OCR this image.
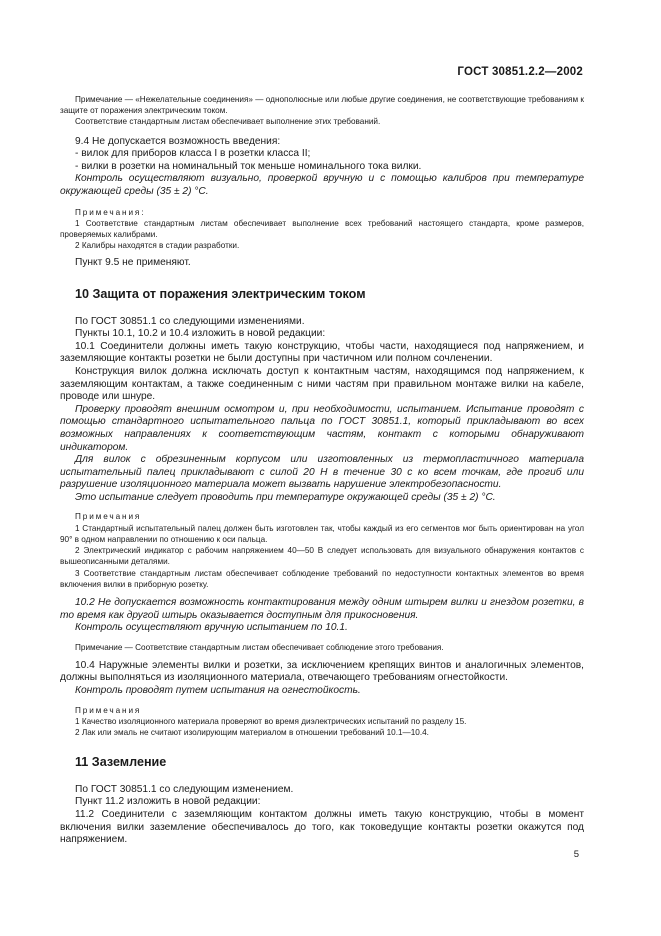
ГОСТ 30851.2.2—2002

Примечание — «Нежелательные соединения» — однополюсные или любые другие соединения, не соответствующие требованиям к защите от поражения электрическим током.

Соответствие стандартным листам обеспечивает выполнение этих требований.

9.4 Не допускается возможность введения:

- вилок для приборов класса I в розетки класса II;

- вилки в розетки на номинальный ток меньше номинального тока вилки.

Контроль осуществляют визуально, проверкой вручную и с помощью калибров при температуре окружающей среды (35 ± 2) °С.

Примечания:

1 Соответствие стандартным листам обеспечивает выполнение всех требований настоящего стандарта, кроме размеров, проверяемых калибрами.

2 Калибры находятся в стадии разработки.

Пункт 9.5 не применяют.

10 Защита от поражения электрическим током

По ГОСТ 30851.1 со следующими изменениями.

Пункты 10.1, 10.2 и 10.4 изложить в новой редакции:

10.1 Соединители должны иметь такую конструкцию, чтобы части, находящиеся под напряжением, и заземляющие контакты розетки не были доступны при частичном или полном сочленении.

Конструкция вилок должна исключать доступ к контактным частям, находящимся под напряжением, к заземляющим контактам, а также соединенным с ними частям при правильном монтаже вилки на кабеле, проводе или шнуре.

Проверку проводят внешним осмотром и, при необходимости, испытанием. Испытание проводят с помощью стандартного испытательного пальца по ГОСТ 30851.1, который прикладывают во всех возможных направлениях к соответствующим частям, контакт с которыми обнаруживают индикатором.

Для вилок с обрезиненным корпусом или изготовленных из термопластичного материала испытательный палец прикладывают с силой 20 Н в течение 30 с ко всем точкам, где прогиб или разрушение изоляционного материала может вызвать нарушение электробезопасности.

Это испытание следует проводить при температуре окружающей среды (35 ± 2) °С.

Примечания

1 Стандартный испытательный палец должен быть изготовлен так, чтобы каждый из его сегментов мог быть ориентирован на угол 90° в одном направлении по отношению к оси пальца.

2 Электрический индикатор с рабочим напряжением 40—50 В следует использовать для визуального обнаружения контактов с вышеописанными деталями.

3 Соответствие стандартным листам обеспечивает соблюдение требований по недоступности контактных элементов во время включения вилки в приборную розетку.

10.2 Не допускается возможность контактирования между одним штырем вилки и гнездом розетки, в то время как другой штырь оказывается доступным для прикосновения.

Контроль осуществляют вручную испытанием по 10.1.

Примечание — Соответствие стандартным листам обеспечивает соблюдение этого требования.

10.4 Наружные элементы вилки и розетки, за исключением крепящих винтов и аналогичных элементов, должны выполняться из изоляционного материала, отвечающего требованиям огнестойкости.

Контроль проводят путем испытания на огнестойкость.

Примечания

1 Качество изоляционного материала проверяют во время диэлектрических испытаний по разделу 15.

2 Лак или эмаль не считают изолирующим материалом в отношении требований 10.1—10.4.

11 Заземление

По ГОСТ 30851.1 со следующим изменением.

Пункт 11.2 изложить в новой редакции:

11.2 Соединители с заземляющим контактом должны иметь такую конструкцию, чтобы в момент включения вилки заземление обеспечивалось до того, как токоведущие контакты розетки окажутся под напряжением.

5
